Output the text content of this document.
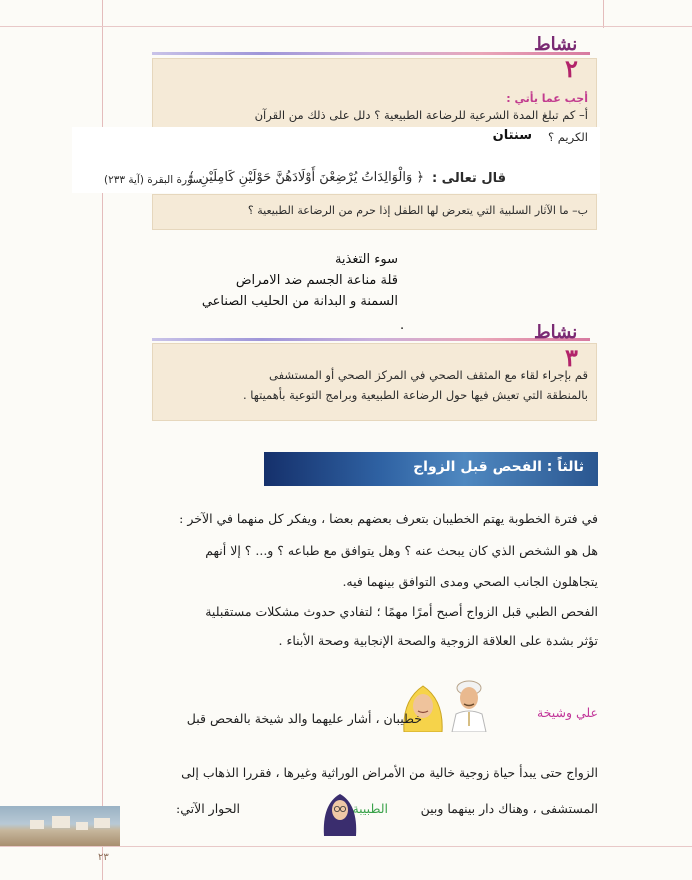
نشاط
٢
أجب عما يأتي :
أ– كم تبلغ المدة الشرعية للرضاعة الطبيعية ؟ دلل على ذلك من القرآن
الكريم ؟
سنتان
قال تعالى :
﴿ وَالْوَالِدَاتُ يُرْضِعْنَ أَوْلَادَهُنَّ حَوْلَيْنِ كَامِلَيْنِ ﴾
سورة البقرة (آية ٢٣٣)
ب– ما الآثار السلبية التي يتعرض لها الطفل إذا حرم من الرضاعة الطبيعية ؟
سوء التغذية
قلة مناعة الجسم ضد الامراض
السمنة و البدانة من الحليب الصناعي
.	نشاط
٣
قم بإجراء لقاء مع المثقف الصحي في المركز الصحي أو المستشفى
بالمنطقة التي تعيش فيها حول الرضاعة الطبيعية وبرامج التوعية بأهميتها .
ثالثاً : الفحص قبل الزواج
في فترة الخطوبة يهتم الخطيبان بتعرف بعضهم بعضا ، ويفكر كل منهما في الآخر :
هل هو الشخص الذي كان يبحث عنه ؟ وهل يتوافق مع طباعه ؟ و... ؟ إلا أنهم
يتجاهلون الجانب الصحي ومدى التوافق بينهما فيه.
الفحص الطبي قبل الزواج أصبح أمرًا مهمًا ؛ لتفادي حدوث مشكلات مستقبلية
تؤثر بشدة على العلاقة الزوجية والصحة الإنجابية وصحة الأبناء .
علي وشيخة
خطيبان ، أشار عليهما والد شيخة بالفحص قبل
الزواج حتى يبدأ حياة زوجية خالية من الأمراض الوراثية وغيرها ، فقررا الذهاب إلى
المستشفى ، وهناك دار بينهما وبين
الطبيبة
الحوار الآتي:
٢٣
